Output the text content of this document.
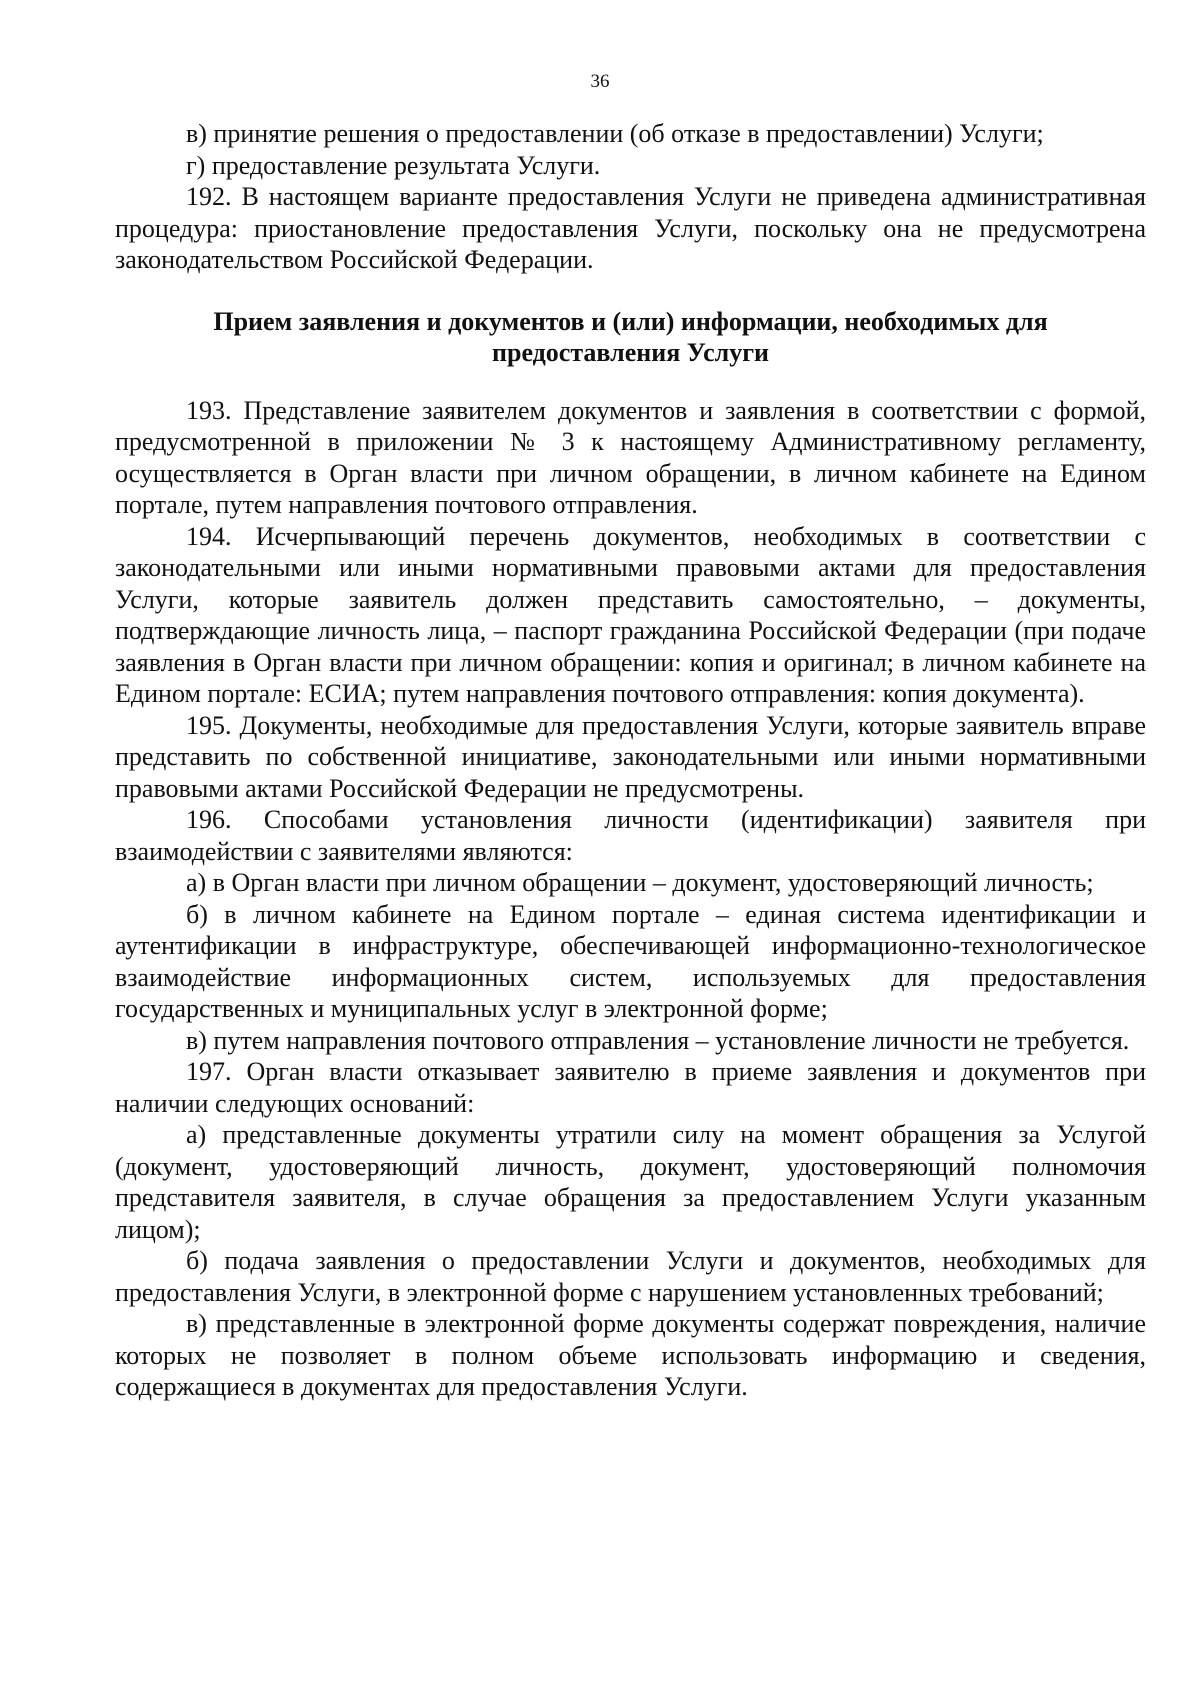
36

в) принятие решения о предоставлении (об отказе в предоставлении) Услуги;

г) предоставление результата Услуги.

192. В настоящем варианте предоставления Услуги не приведена административная процедура: приостановление предоставления Услуги, поскольку она не предусмотрена законодательством Российской Федерации.

Прием заявления и документов и (или) информации, необходимых для
предоставления Услуги

193. Представление заявителем документов и заявления в соответствии с формой, предусмотренной в приложении № 3 к настоящему Административному регламенту, осуществляется в Орган власти при личном обращении, в личном кабинете на Едином портале, путем направления почтового отправления.

194. Исчерпывающий перечень документов, необходимых в соответствии с законодательными или иными нормативными правовыми актами для предоставления Услуги, которые заявитель должен представить самостоятельно, – документы, подтверждающие личность лица, – паспорт гражданина Российской Федерации (при подаче заявления в Орган власти при личном обращении: копия и оригинал; в личном кабинете на Едином портале: ЕСИА; путем направления почтового отправления: копия документа).

195. Документы, необходимые для предоставления Услуги, которые заявитель вправе представить по собственной инициативе, законодательными или иными нормативными правовыми актами Российской Федерации не предусмотрены.

196. Способами установления личности (идентификации) заявителя при взаимодействии с заявителями являются:

а) в Орган власти при личном обращении – документ, удостоверяющий личность;

б) в личном кабинете на Едином портале – единая система идентификации и аутентификации в инфраструктуре, обеспечивающей информационно-технологическое взаимодействие информационных систем, используемых для предоставления государственных и муниципальных услуг в электронной форме;

в) путем направления почтового отправления – установление личности не требуется.

197. Орган власти отказывает заявителю в приеме заявления и документов при наличии следующих оснований:

а) представленные документы утратили силу на момент обращения за Услугой (документ, удостоверяющий личность, документ, удостоверяющий полномочия представителя заявителя, в случае обращения за предоставлением Услуги указанным лицом);

б) подача заявления о предоставлении Услуги и документов, необходимых для предоставления Услуги, в электронной форме с нарушением установленных требований;

в) представленные в электронной форме документы содержат повреждения, наличие которых не позволяет в полном объеме использовать информацию и сведения, содержащиеся в документах для предоставления Услуги.
